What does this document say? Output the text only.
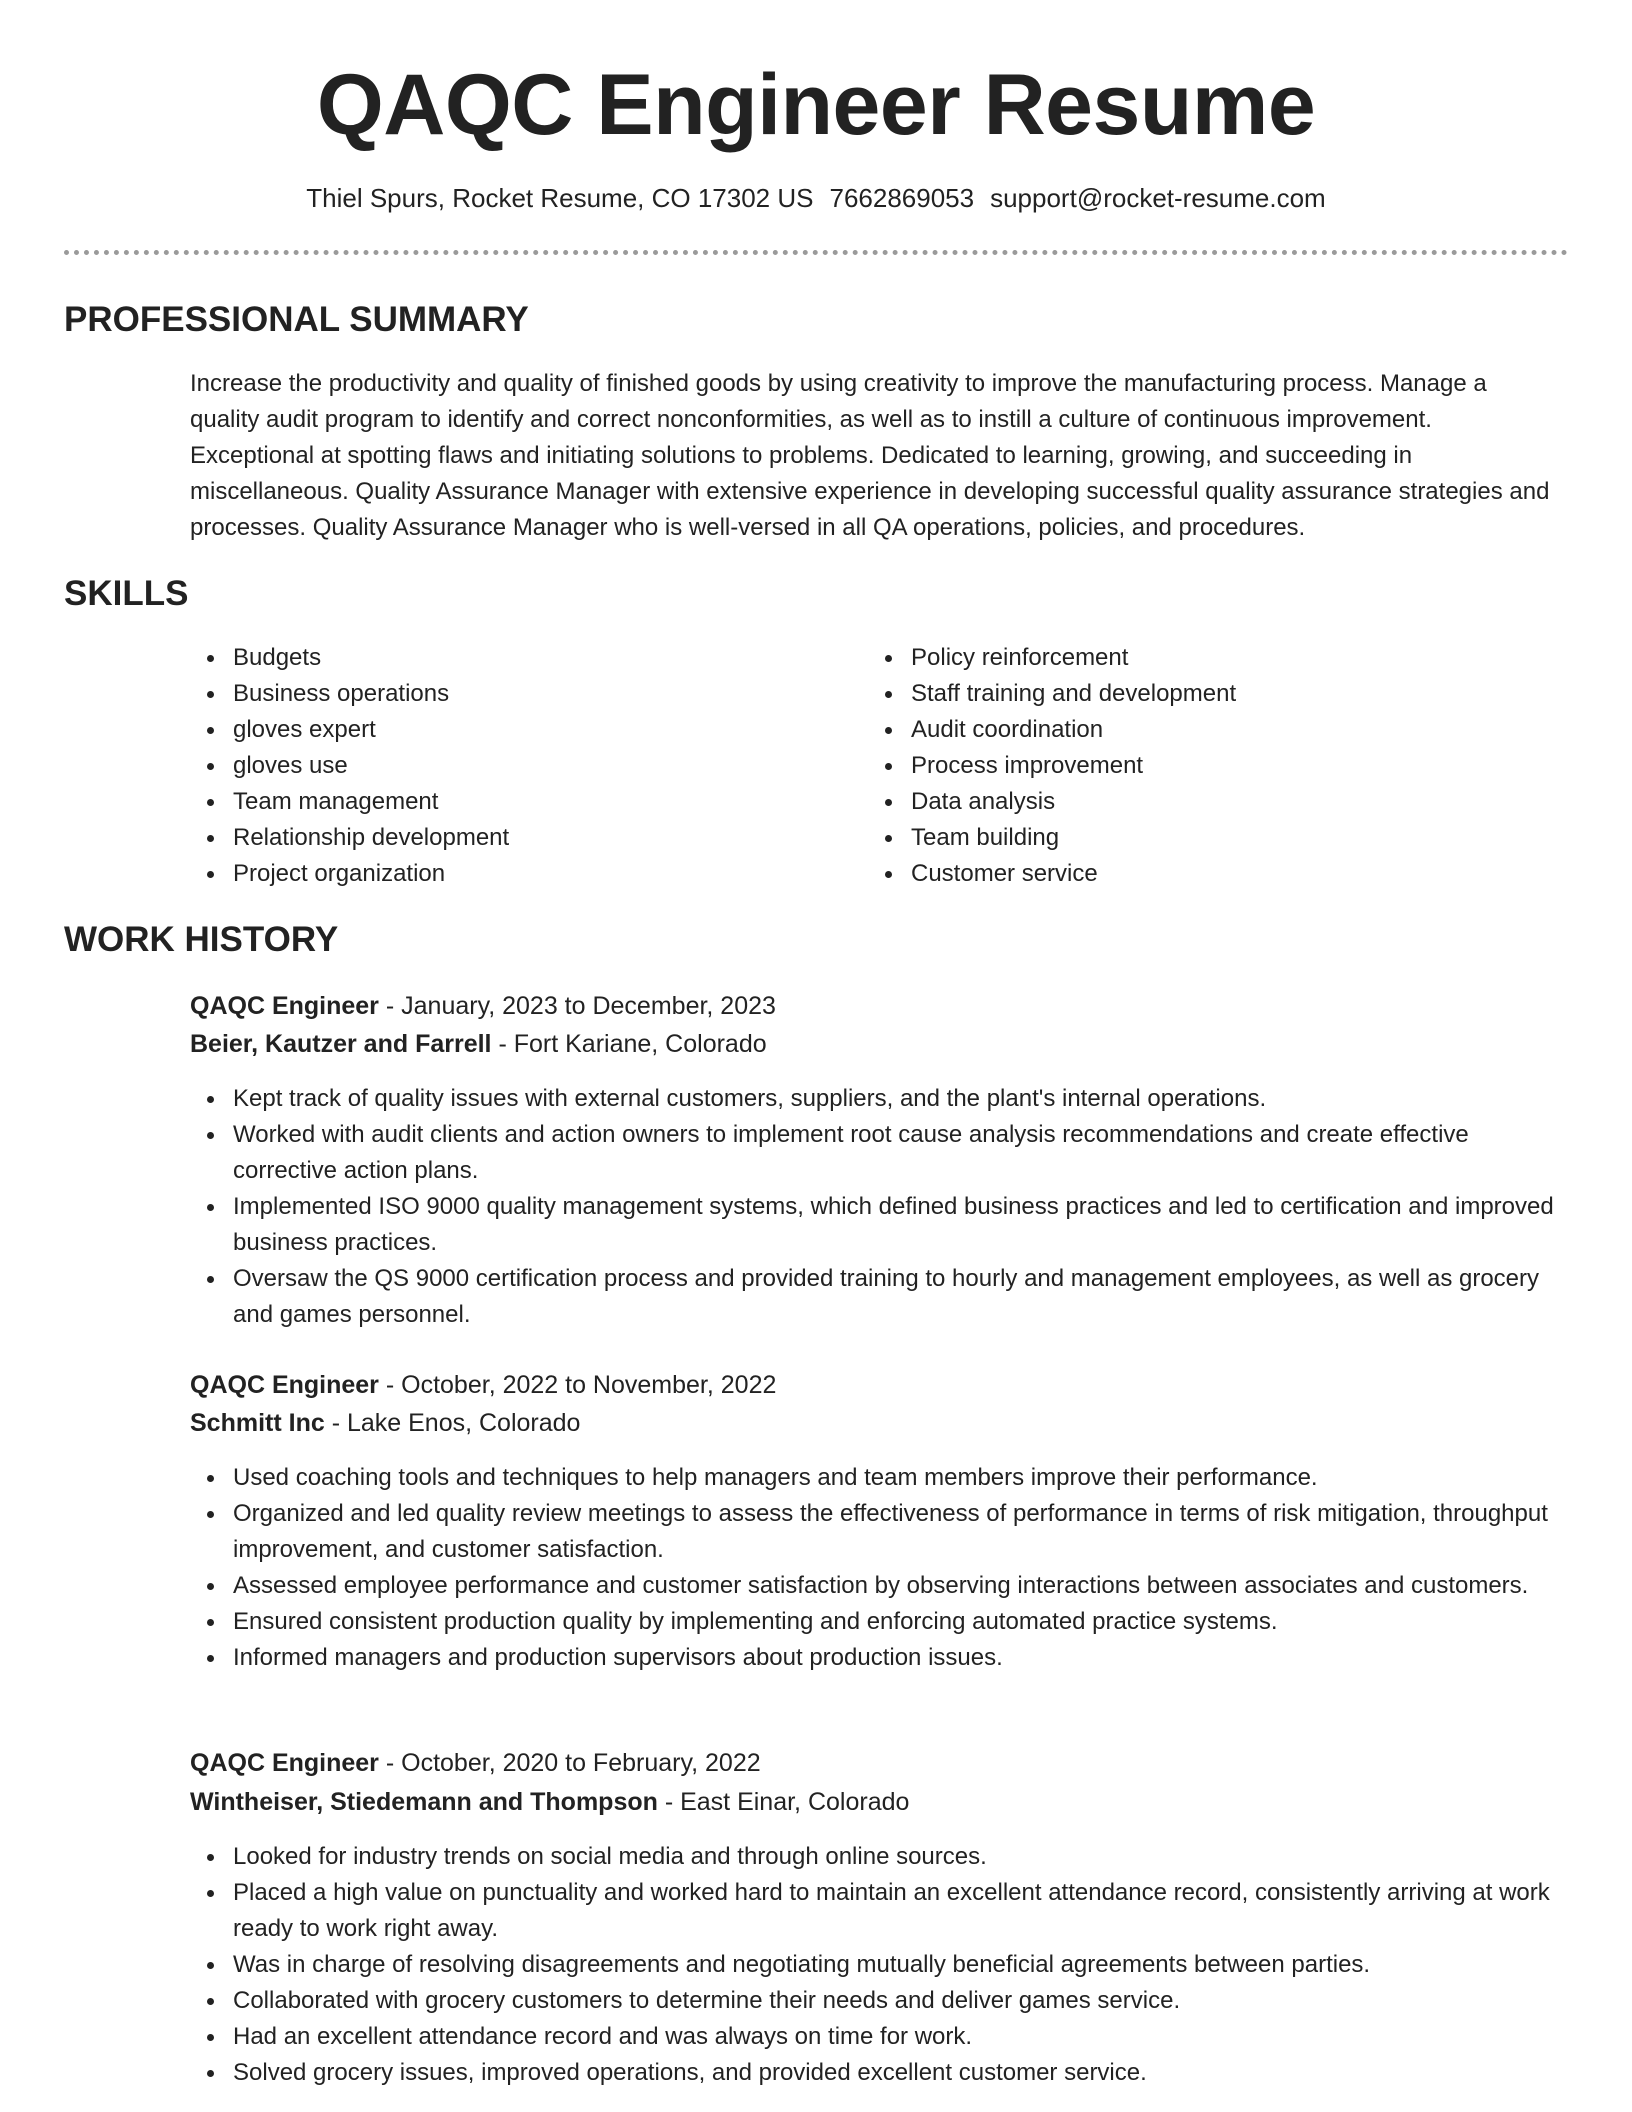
QAQC Engineer Resume
Thiel Spurs, Rocket Resume, CO 17302 US 7662869053 support@rocket-resume.com
PROFESSIONAL SUMMARY

Increase the productivity and quality of finished goods by using creativity to improve the manufacturing process. Manage a quality audit program to identify and correct nonconformities, as well as to instill a culture of continuous improvement. Exceptional at spotting flaws and initiating solutions to problems. Dedicated to learning, growing, and succeeding in miscellaneous. Quality Assurance Manager with extensive experience in developing successful quality assurance strategies and processes. Quality Assurance Manager who is well-versed in all QA operations, policies, and procedures.

SKILLS
Budgets
Business operations
gloves expert
gloves use
Team management
Relationship development
Project organization
Policy reinforcement
Staff training and development
Audit coordination
Process improvement
Data analysis
Team building
Customer service
WORK HISTORY
QAQC Engineer - January, 2023 to December, 2023
Beier, Kautzer and Farrell - Fort Kariane, Colorado
Kept track of quality issues with external customers, suppliers, and the plant's internal operations.
Worked with audit clients and action owners to implement root cause analysis recommendations and create effective corrective action plans.
Implemented ISO 9000 quality management systems, which defined business practices and led to certification and improved business practices.
Oversaw the QS 9000 certification process and provided training to hourly and management employees, as well as grocery and games personnel.
QAQC Engineer - October, 2022 to November, 2022
Schmitt Inc - Lake Enos, Colorado
Used coaching tools and techniques to help managers and team members improve their performance.
Organized and led quality review meetings to assess the effectiveness of performance in terms of risk mitigation, throughput improvement, and customer satisfaction.
Assessed employee performance and customer satisfaction by observing interactions between associates and customers.
Ensured consistent production quality by implementing and enforcing automated practice systems.
Informed managers and production supervisors about production issues.
QAQC Engineer - October, 2020 to February, 2022
Wintheiser, Stiedemann and Thompson - East Einar, Colorado
Looked for industry trends on social media and through online sources.
Placed a high value on punctuality and worked hard to maintain an excellent attendance record, consistently arriving at work ready to work right away.
Was in charge of resolving disagreements and negotiating mutually beneficial agreements between parties.
Collaborated with grocery customers to determine their needs and deliver games service.
Had an excellent attendance record and was always on time for work.
Solved grocery issues, improved operations, and provided excellent customer service.
